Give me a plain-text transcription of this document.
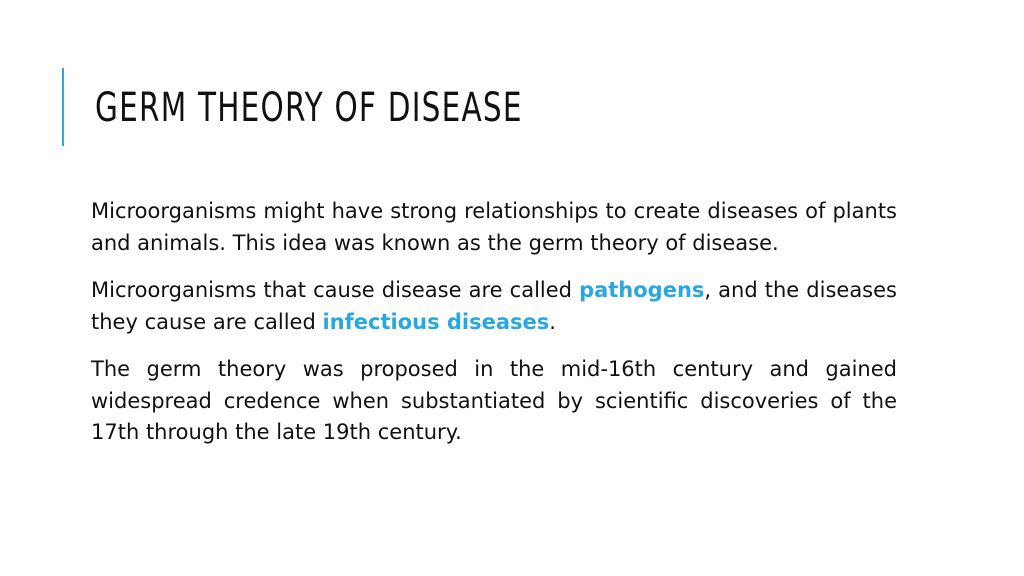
GERM THEORY OF DISEASE

Microorganisms might have strong relationships to create diseases of plants and animals. This idea was known as the germ theory of disease.

Microorganisms that cause disease are called pathogens, and the diseases they cause are called infectious diseases.

The germ theory was proposed in the mid-16th century and gained widespread credence when substantiated by scientific discoveries of the 17th through the late 19th century.
